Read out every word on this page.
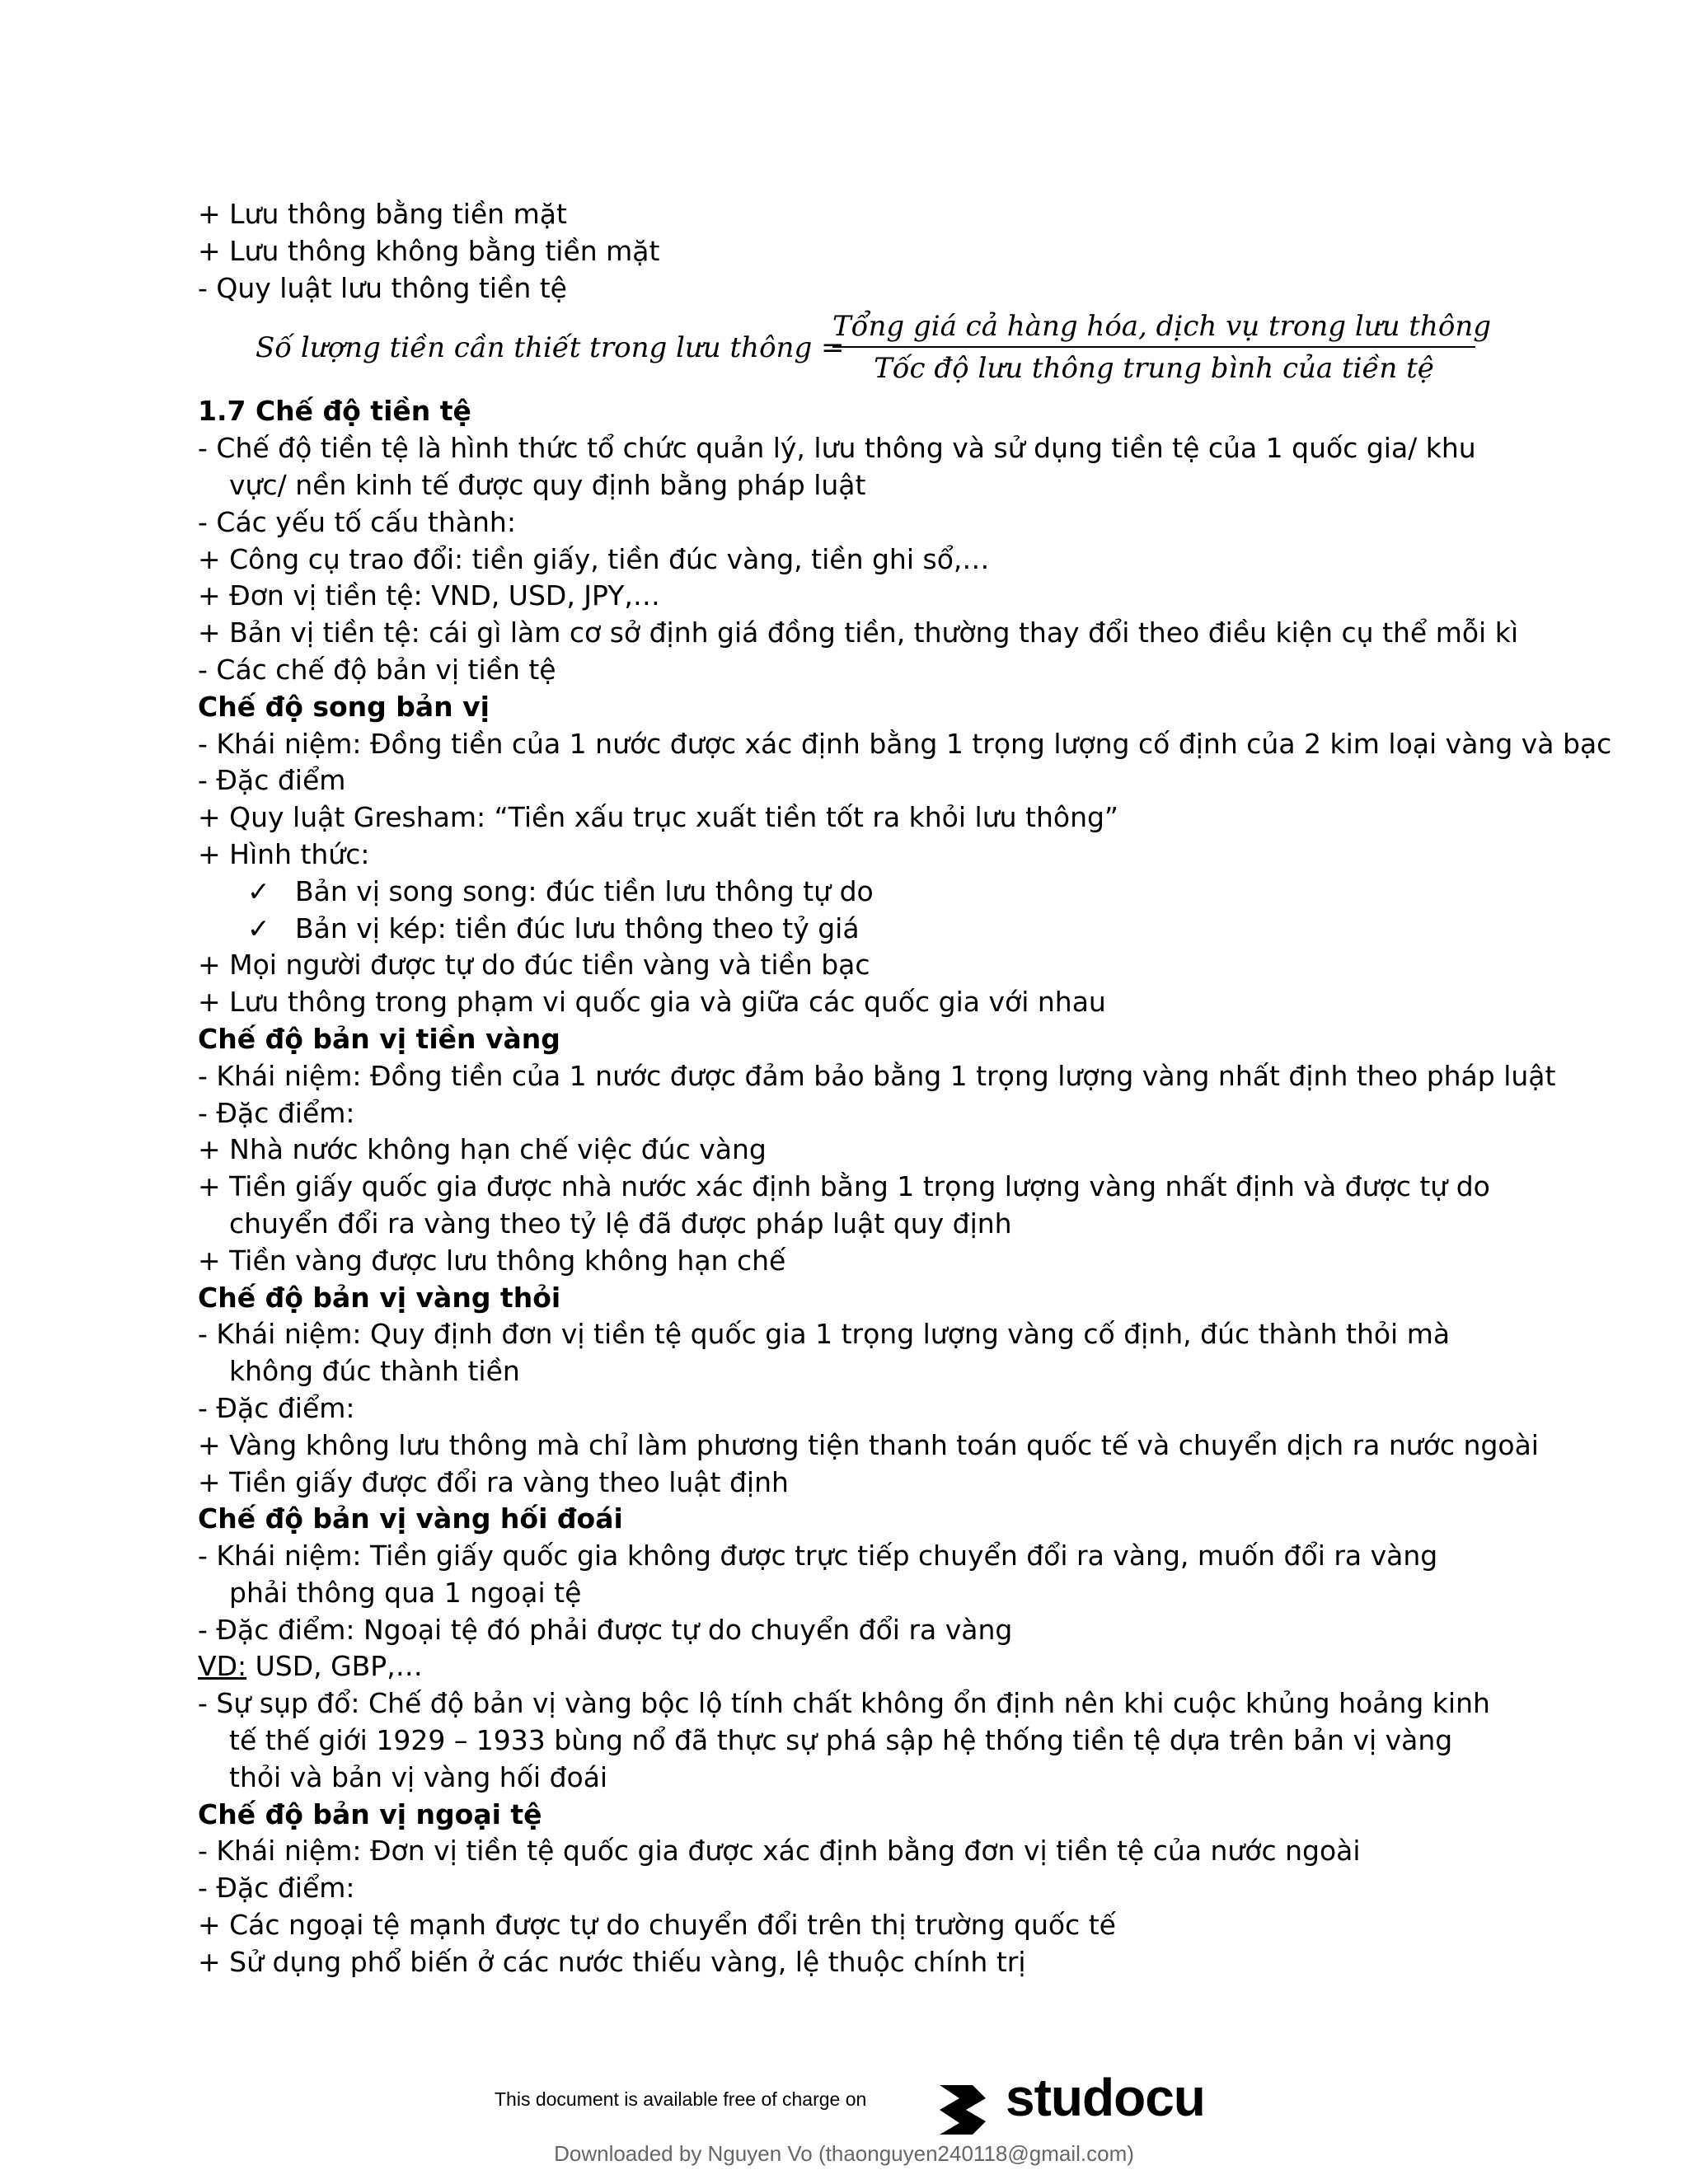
+ Lưu thông bằng tiền mặt
+ Lưu thông không bằng tiền mặt
- Quy luật lưu thông tiền tệ
Số lượng tiền cần thiết trong lưu thông =
Tổng giá cả hàng hóa, dịch vụ trong lưu thông
Tốc độ lưu thông trung bình của tiền tệ
1.7 Chế độ tiền tệ
- Chế độ tiền tệ là hình thức tổ chức quản lý, lưu thông và sử dụng tiền tệ của 1 quốc gia/ khu vực/ nền kinh tế được quy định bằng pháp luật
- Các yếu tố cấu thành:
+ Công cụ trao đổi: tiền giấy, tiền đúc vàng, tiền ghi sổ,…
+ Đơn vị tiền tệ: VND, USD, JPY,…
+ Bản vị tiền tệ: cái gì làm cơ sở định giá đồng tiền, thường thay đổi theo điều kiện cụ thể mỗi kì
- Các chế độ bản vị tiền tệ
Chế độ song bản vị
- Khái niệm: Đồng tiền của 1 nước được xác định bằng 1 trọng lượng cố định của 2 kim loại vàng và bạc
- Đặc điểm
+ Quy luật Gresham: “Tiền xấu trục xuất tiền tốt ra khỏi lưu thông”
+ Hình thức:
✓ Bản vị song song: đúc tiền lưu thông tự do
✓ Bản vị kép: tiền đúc lưu thông theo tỷ giá
+ Mọi người được tự do đúc tiền vàng và tiền bạc
+ Lưu thông trong phạm vi quốc gia và giữa các quốc gia với nhau
Chế độ bản vị tiền vàng
- Khái niệm: Đồng tiền của 1 nước được đảm bảo bằng 1 trọng lượng vàng nhất định theo pháp luật
- Đặc điểm:
+ Nhà nước không hạn chế việc đúc vàng
+ Tiền giấy quốc gia được nhà nước xác định bằng 1 trọng lượng vàng nhất định và được tự do chuyển đổi ra vàng theo tỷ lệ đã được pháp luật quy định
+ Tiền vàng được lưu thông không hạn chế
Chế độ bản vị vàng thỏi
- Khái niệm: Quy định đơn vị tiền tệ quốc gia 1 trọng lượng vàng cố định, đúc thành thỏi mà không đúc thành tiền
- Đặc điểm:
+ Vàng không lưu thông mà chỉ làm phương tiện thanh toán quốc tế và chuyển dịch ra nước ngoài
+ Tiền giấy được đổi ra vàng theo luật định
Chế độ bản vị vàng hối đoái
- Khái niệm: Tiền giấy quốc gia không được trực tiếp chuyển đổi ra vàng, muốn đổi ra vàng phải thông qua 1 ngoại tệ
- Đặc điểm: Ngoại tệ đó phải được tự do chuyển đổi ra vàng
VD: USD, GBP,…
- Sự sụp đổ: Chế độ bản vị vàng bộc lộ tính chất không ổn định nên khi cuộc khủng hoảng kinh tế thế giới 1929 – 1933 bùng nổ đã thực sự phá sập hệ thống tiền tệ dựa trên bản vị vàng thỏi và bản vị vàng hối đoái
Chế độ bản vị ngoại tệ
- Khái niệm: Đơn vị tiền tệ quốc gia được xác định bằng đơn vị tiền tệ của nước ngoài
- Đặc điểm:
+ Các ngoại tệ mạnh được tự do chuyển đổi trên thị trường quốc tế
+ Sử dụng phổ biến ở các nước thiếu vàng, lệ thuộc chính trị
This document is available free of charge on	studocu
Downloaded by Nguyen Vo (thaonguyen240118@gmail.com)
